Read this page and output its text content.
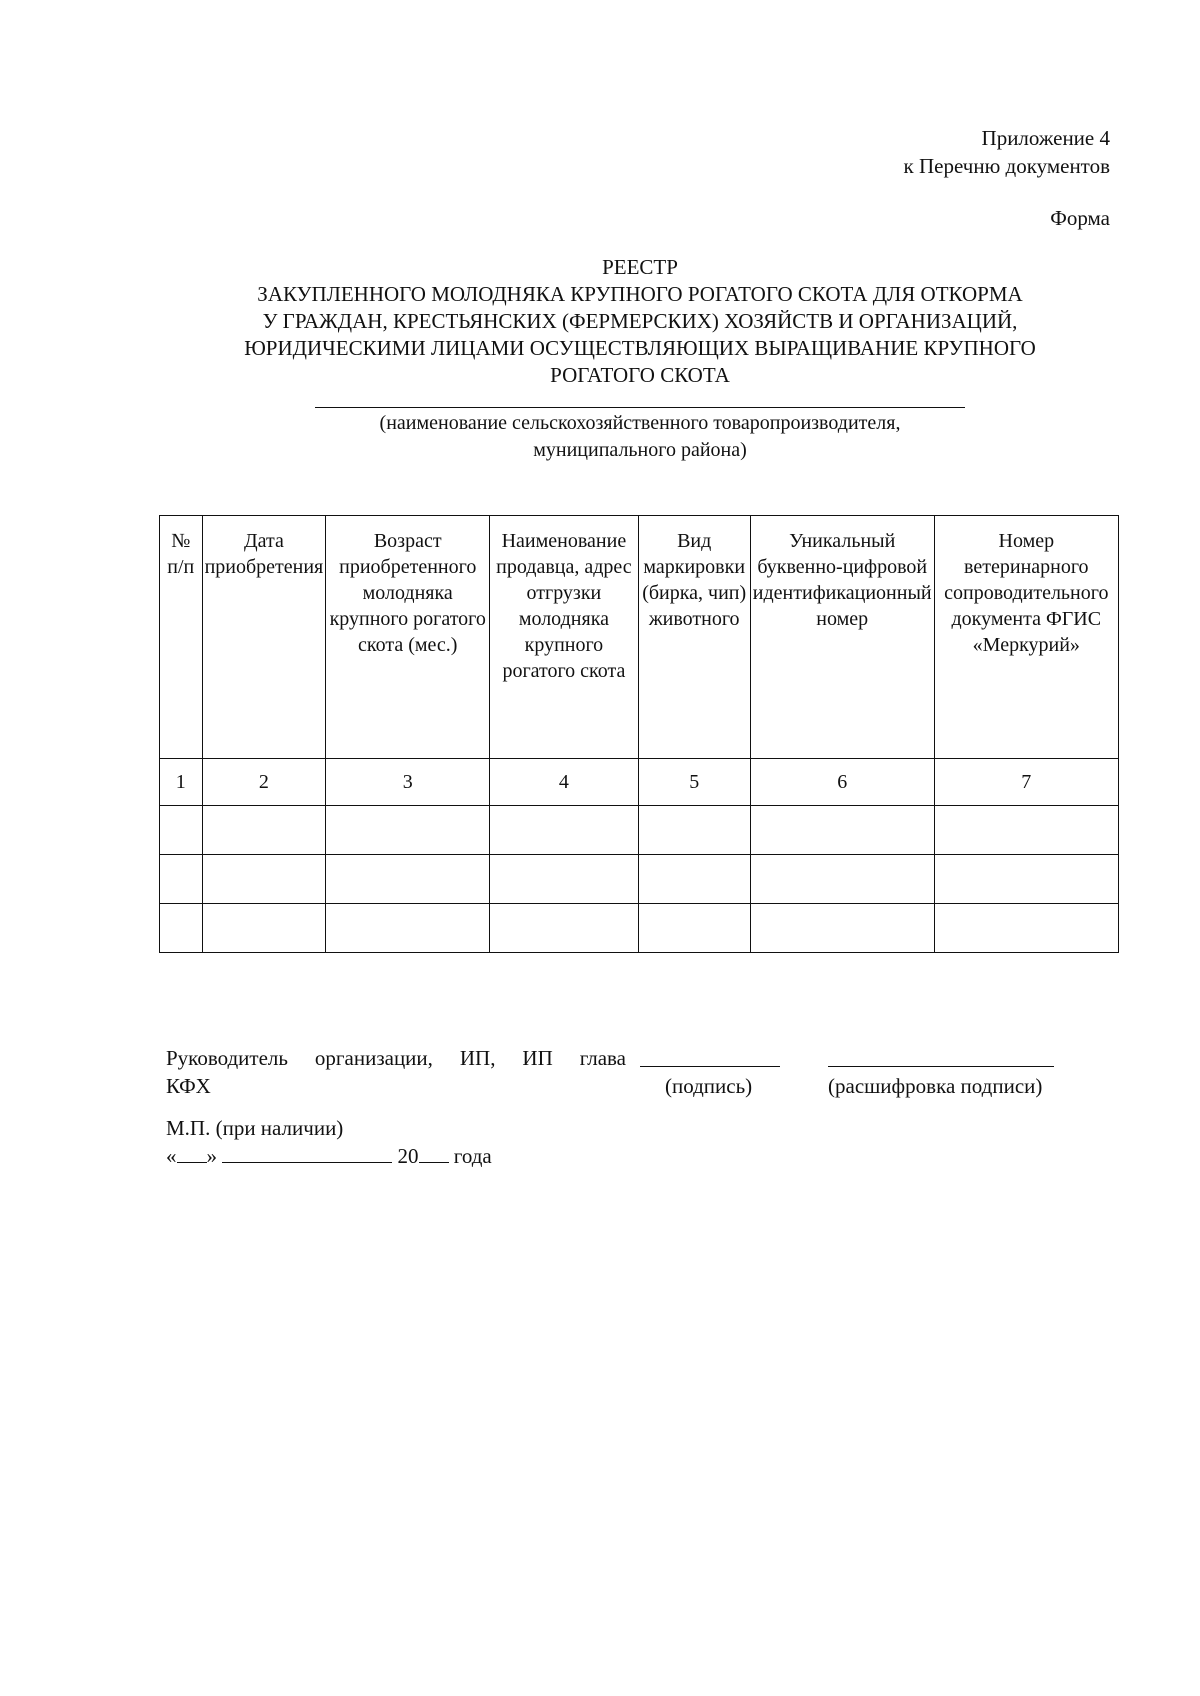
Приложение 4
к Перечню документов
Форма
РЕЕСТР
ЗАКУПЛЕННОГО МОЛОДНЯКА КРУПНОГО РОГАТОГО СКОТА ДЛЯ ОТКОРМА
У ГРАЖДАН, КРЕСТЬЯНСКИХ (ФЕРМЕРСКИХ) ХОЗЯЙСТВ И ОРГАНИЗАЦИЙ,
ЮРИДИЧЕСКИМИ ЛИЦАМИ ОСУЩЕСТВЛЯЮЩИХ ВЫРАЩИВАНИЕ КРУПНОГО
РОГАТОГО СКОТА
(наименование сельскохозяйственного товаропроизводителя,
муниципального района)
№ п/п	Дата приобретения	Возраст приобретенного молодняка крупного рогатого скота (мес.)	Наименование продавца, адрес отгрузки молодняка крупного рогатого скота	Вид маркировки (бирка, чип) животного	Уникальный буквенно-цифровой идентификационный номер	Номер ветеринарного сопроводительного документа ФГИС «Меркурий»
1	2	3	4	5	6	7

Руководитель организации, ИП, ИП глава
КФХ	(подпись)	(расшифровка подписи)
М.П. (при наличии)
« »	20 года
